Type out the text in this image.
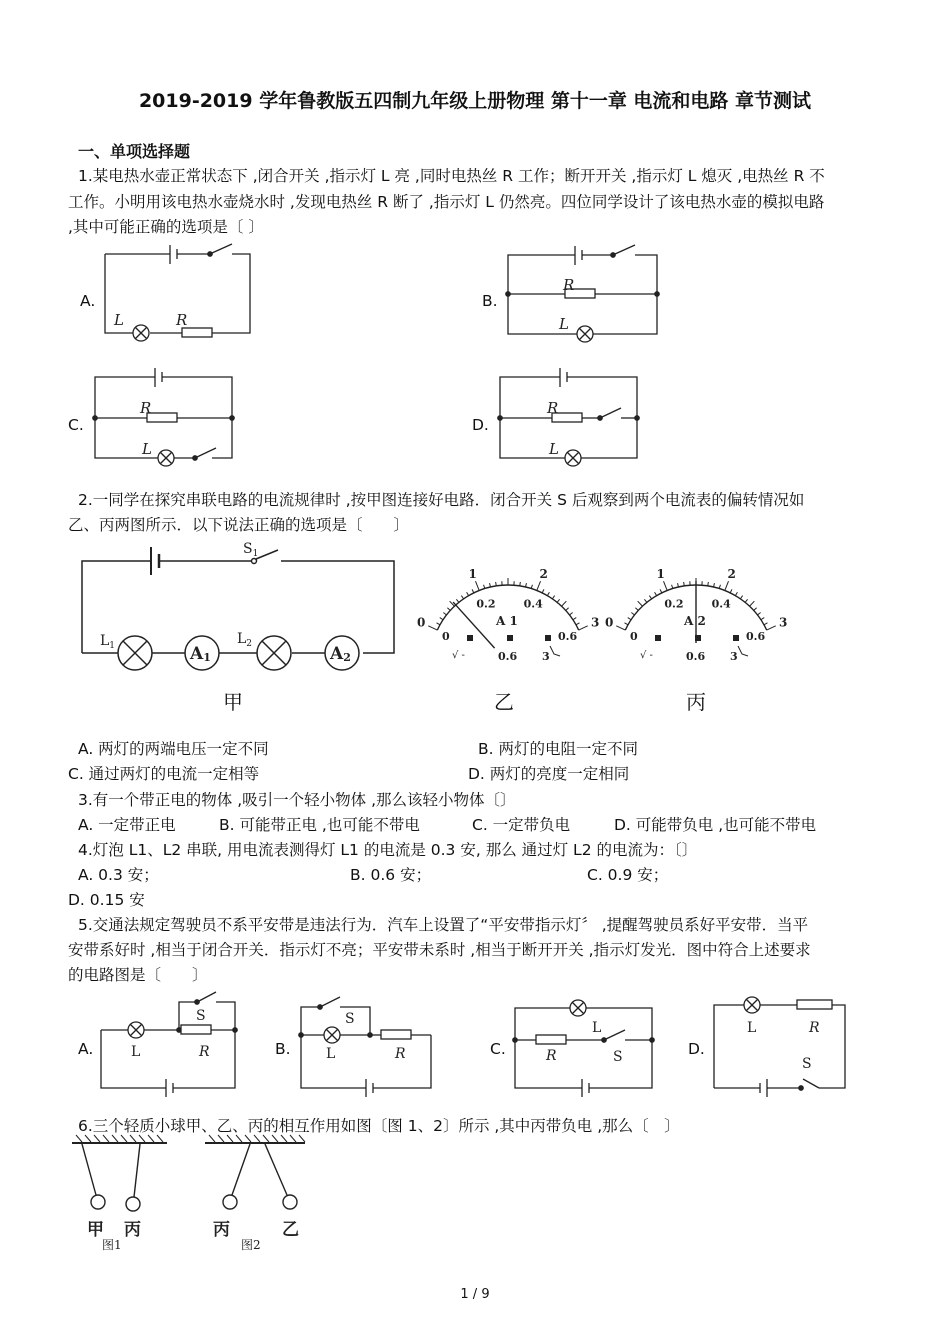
2019-2019 学年鲁教版五四制九年级上册物理 第十一章 电流和电路 章节测试
一、单项选择题
1.某电热水壶正常状态下 ,闭合开关 ,指示灯 L 亮 ,同时电热丝 R 工作；断开开关 ,指示灯 L 熄灭 ,电热丝 R 不
工作。小明用该电热水壶烧水时 ,发现电热丝 R 断了 ,指示灯 L 仍然亮。四位同学设计了该电热水壶的模拟电路
,其中可能正确的选项是〔 〕
A.	B.
C.	D.
L	R
R
L
R
L
R
L
2.一同学在探究串联电路的电流规律时 ,按甲图连接好电路．闭合开关 S 后观察到两个电流表的偏转情况如
乙、丙两图所示．以下说法正确的选项是〔　　〕
$S_1$
$L_1$	$L_2$
A1	A2
0
1	2
3
0
0.2	0.4
0.6
A 1
√ -	0.6 3
0
1	2
3
0
0.2	0.4
0.6
A 2
√ -	0.6 3
甲	乙	丙
A. 两灯的两端电压一定不同	B. 两灯的电阻一定不同
C. 通过两灯的电流一定相等	D. 两灯的亮度一定相同
3.有一个带正电的物体 ,吸引一个轻小物体 ,那么该轻小物体〔〕
A. 一定带正电	B. 可能带正电 ,也可能不带电	C. 一定带负电	D. 可能带负电 ,也可能不带电
4.灯泡 L1、L2 串联, 用电流表测得灯 L1 的电流是 0.3 安, 那么 通过灯 L2 的电流为：〔〕
A. 0.3 安；	B. 0.6 安；	C. 0.9 安；
D. 0.15 安
5.交通法规定驾驶员不系平安带是违法行为．汽车上设置了“平安带指示灯〞 ,提醒驾驶员系好平安带．当平
安带系好时 ,相当于闭合开关．指示灯不亮；平安带未系时 ,相当于断开开关 ,指示灯发光．图中符合上述要求
的电路图是〔　　〕
A.	B.	C.	D.
L	R
S
L	R
S
L
R	S
L	R
S
6.三个轻质小球甲、乙、丙的相互作用如图〔图 1、2〕所示 ,其中丙带负电 ,那么〔　〕
甲 丙
图1
丙	乙
图2
1 / 9
